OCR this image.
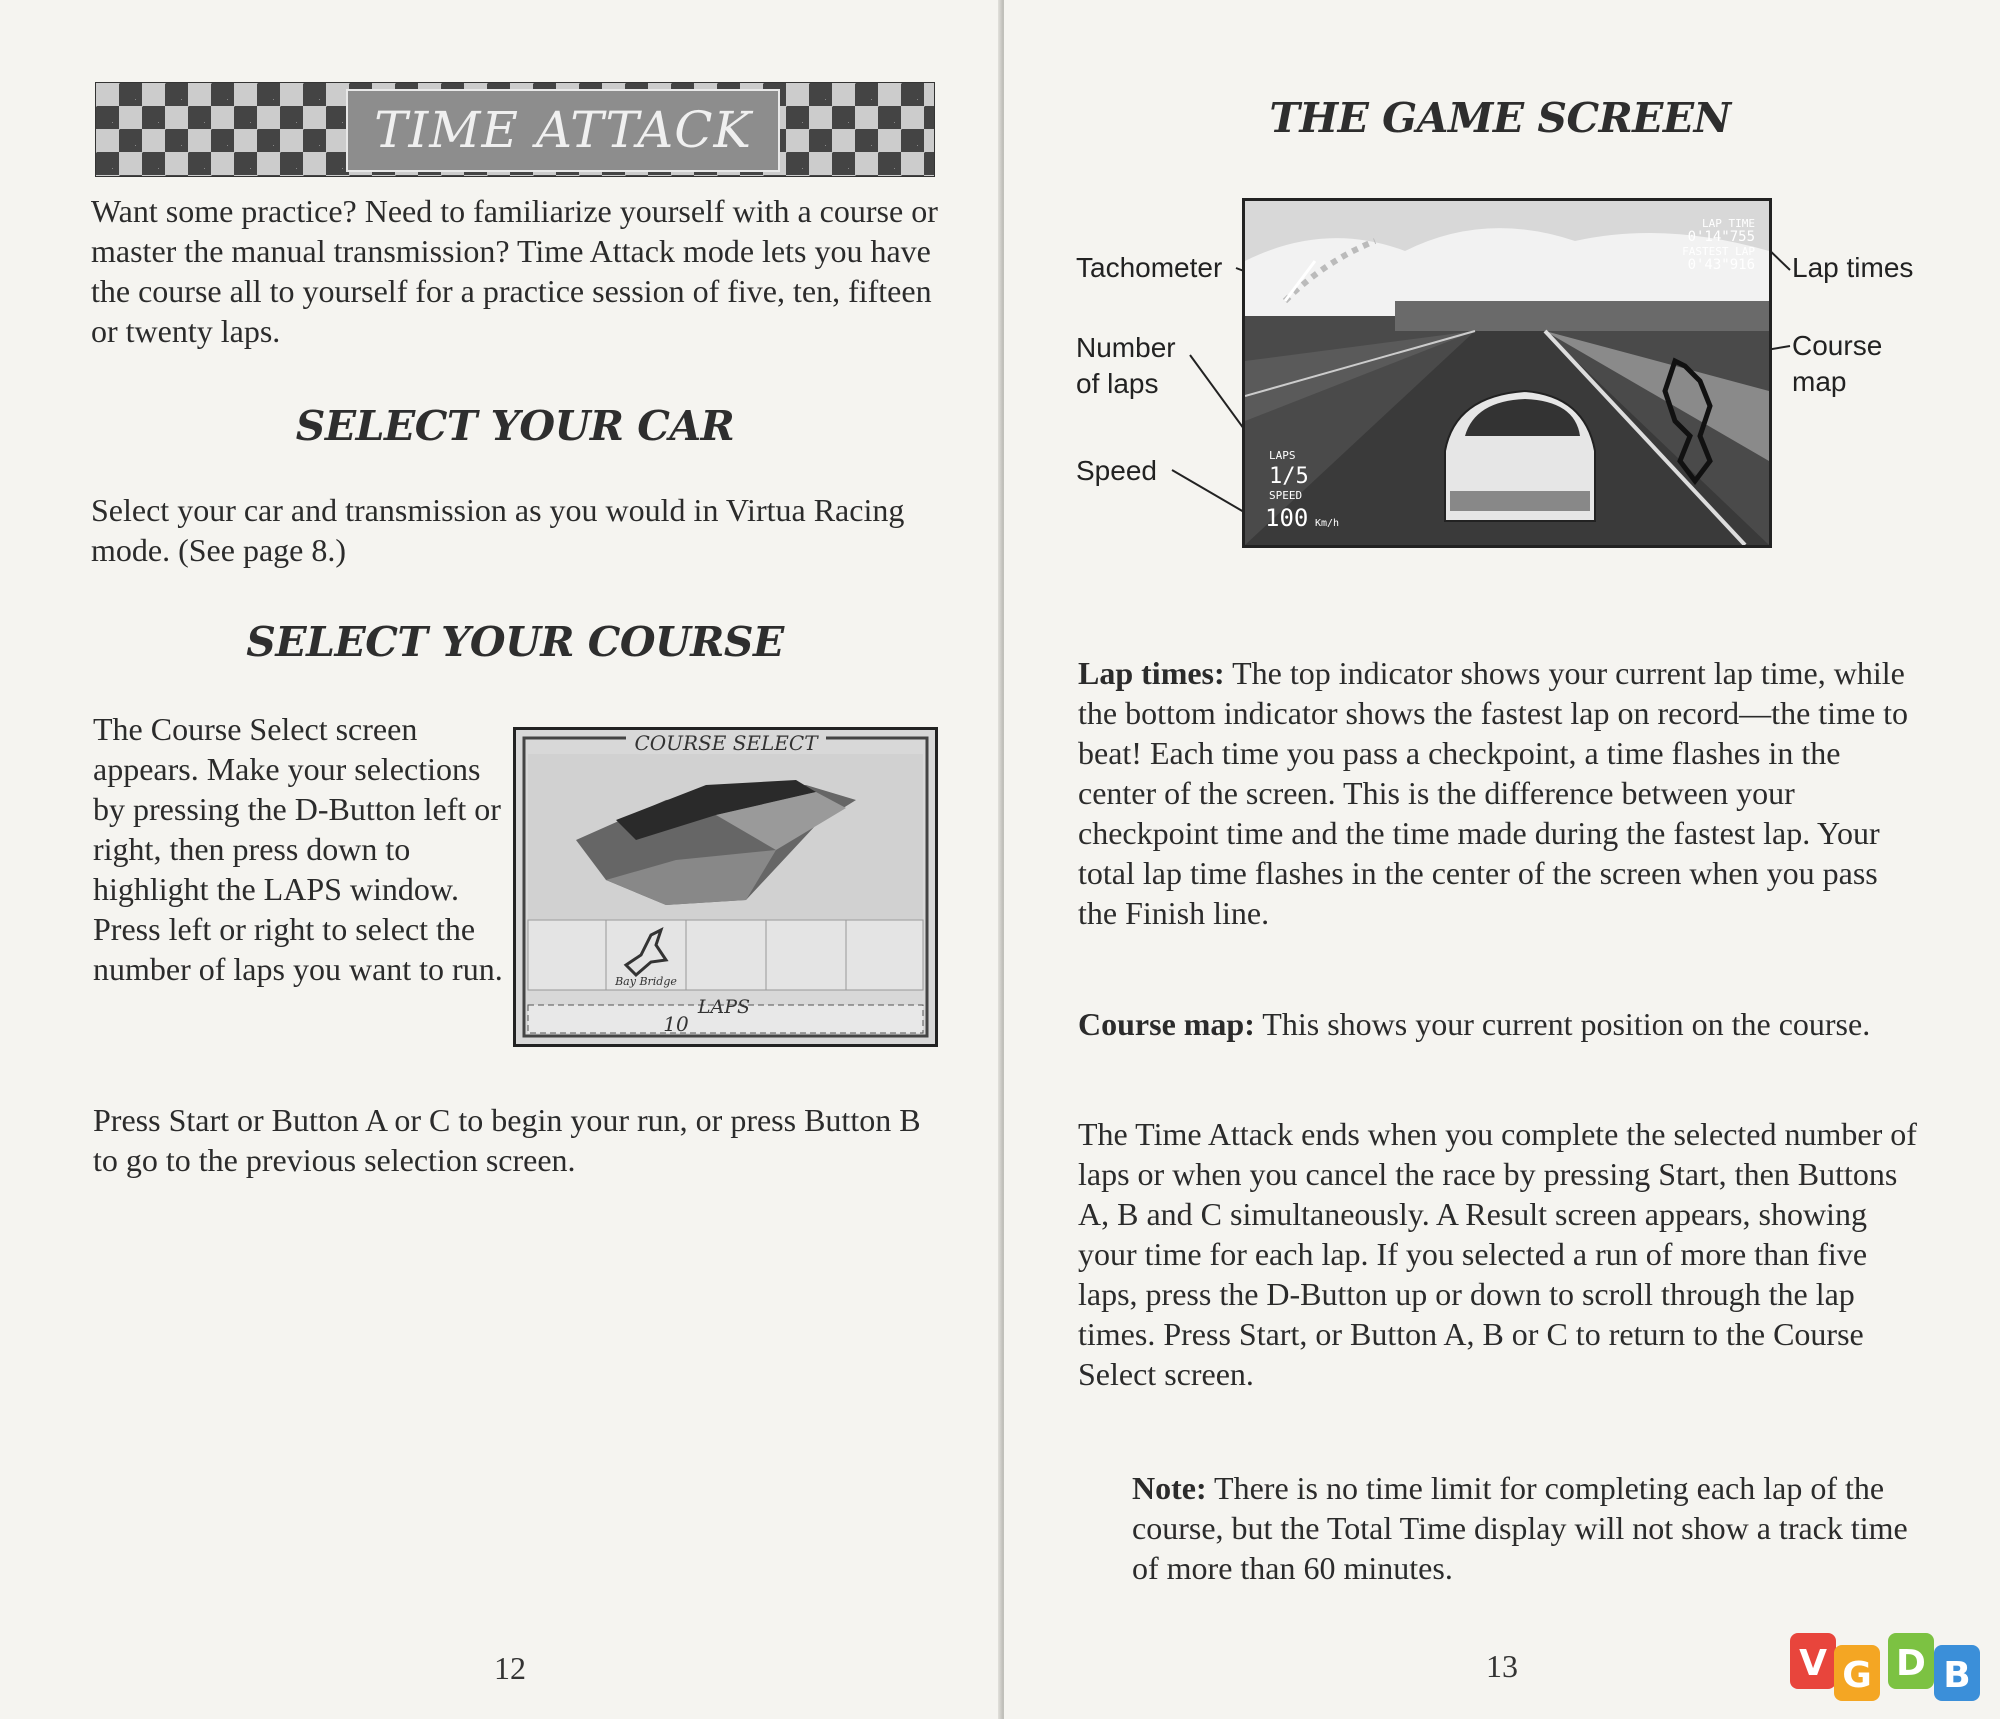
TIME ATTACK

Want some practice? Need to familiarize yourself with a course or master the manual transmission? Time Attack mode lets you have the course all to yourself for a practice session of five, ten, fifteen or twenty laps.

SELECT YOUR CAR

Select your car and transmission as you would in Virtua Racing mode. (See page 8.)

SELECT YOUR COURSE

The Course Select screen appears. Make your selections by pressing the D-Button left or right, then press down to highlight the LAPS window. Press left or right to select the number of laps you want to run.

COURSE SELECT
Bay Bridge
LAPS
10

Press Start or Button A or C to begin your run, or press Button B to go to the previous selection screen.

12
THE GAME SCREEN
Tachometer
Number
of laps
Speed
Lap times
Course
map
LAP TIME
0'14"755
FASTEST LAP
0'43"916
LAPS
1/5
SPEED
100 Km/h

Lap times: The top indicator shows your current lap time, while the bottom indicator shows the fastest lap on record—the time to beat! Each time you pass a checkpoint, a time flashes in the center of the screen. This is the difference between your checkpoint time and the time made during the fastest lap. Your total lap time flashes in the center of the screen when you pass the Finish line.

Course map: This shows your current position on the course.

The Time Attack ends when you complete the selected number of laps or when you cancel the race by pressing Start, then Buttons A, B and C simultaneously. A Result screen appears, showing your time for each lap. If you selected a run of more than five laps, press the D-Button up or down to scroll through the lap times. Press Start, or Button A, B or C to return to the Course Select screen.

Note: There is no time limit for completing each lap of the course, but the Total Time display will not show a track time of more than 60 minutes.

13	V G D B
